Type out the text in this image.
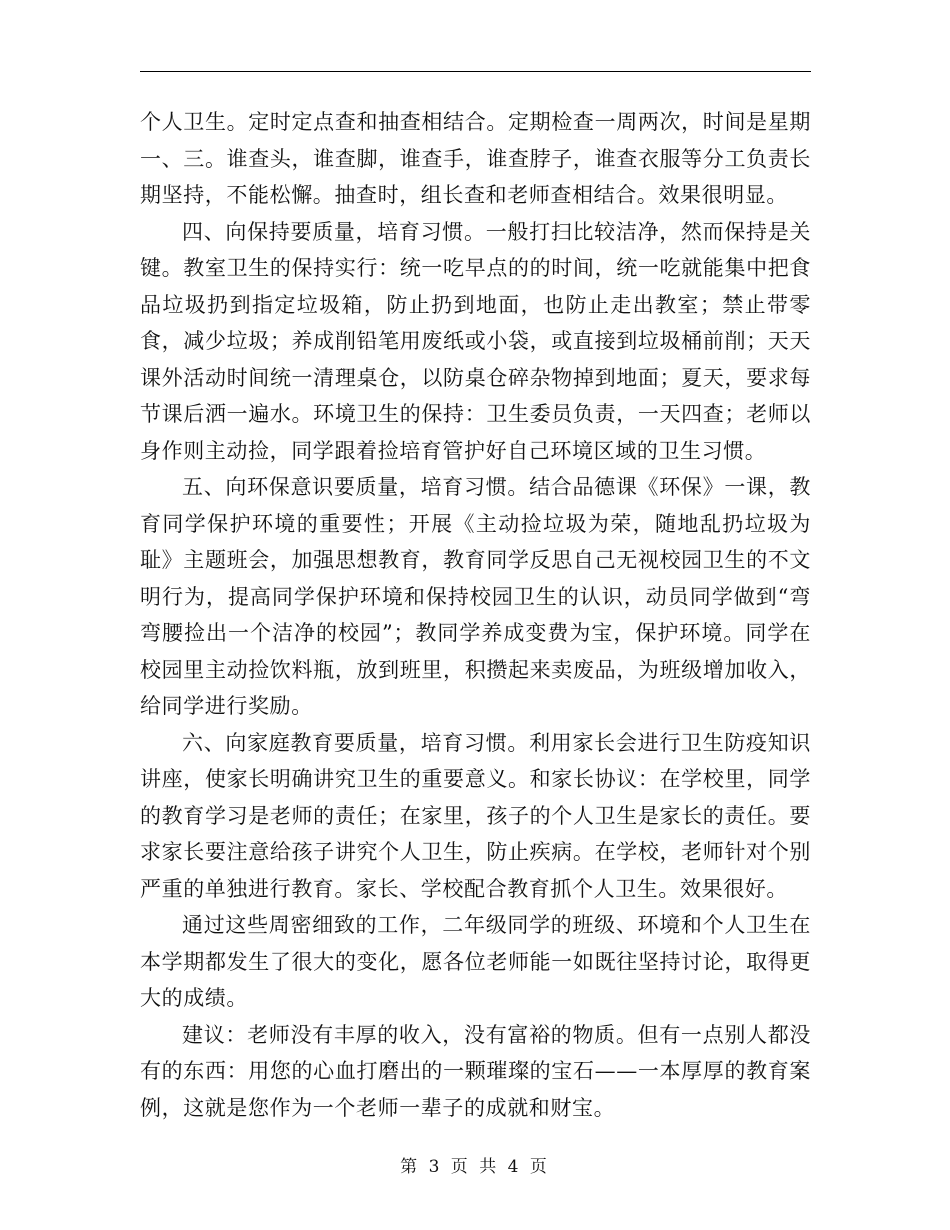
个人卫生。定时定点查和抽查相结合。定期检查一周两次，时间是星期一、三。谁查头，谁查脚，谁查手，谁查脖子，谁查衣服等分工负责长期坚持，不能松懈。抽查时，组长查和老师查相结合。效果很明显。

四、向保持要质量，培育习惯。一般打扫比较洁净，然而保持是关键。教室卫生的保持实行：统一吃早点的的时间，统一吃就能集中把食品垃圾扔到指定垃圾箱，防止扔到地面，也防止走出教室；禁止带零食，减少垃圾；养成削铅笔用废纸或小袋，或直接到垃圾桶前削；天天课外活动时间统一清理桌仓，以防桌仓碎杂物掉到地面；夏天，要求每节课后洒一遍水。环境卫生的保持：卫生委员负责，一天四查；老师以身作则主动捡，同学跟着捡培育管护好自己环境区域的卫生习惯。

五、向环保意识要质量，培育习惯。结合品德课《环保》一课，教育同学保护环境的重要性；开展《主动捡垃圾为荣，随地乱扔垃圾为耻》主题班会，加强思想教育，教育同学反思自己无视校园卫生的不文明行为，提高同学保护环境和保持校园卫生的认识，动员同学做到“弯弯腰捡出一个洁净的校园”；教同学养成变费为宝，保护环境。同学在校园里主动捡饮料瓶，放到班里，积攒起来卖废品，为班级增加收入，给同学进行奖励。

六、向家庭教育要质量，培育习惯。利用家长会进行卫生防疫知识讲座，使家长明确讲究卫生的重要意义。和家长协议：在学校里，同学的教育学习是老师的责任；在家里，孩子的个人卫生是家长的责任。要求家长要注意给孩子讲究个人卫生，防止疾病。在学校，老师针对个别严重的单独进行教育。家长、学校配合教育抓个人卫生。效果很好。

通过这些周密细致的工作，二年级同学的班级、环境和个人卫生在本学期都发生了很大的变化，愿各位老师能一如既往坚持讨论，取得更大的成绩。

建议：老师没有丰厚的收入，没有富裕的物质。但有一点别人都没有的东西：用您的心血打磨出的一颗璀璨的宝石——一本厚厚的教育案例，这就是您作为一个老师一辈子的成就和财宝。

第 3 页 共 4 页
